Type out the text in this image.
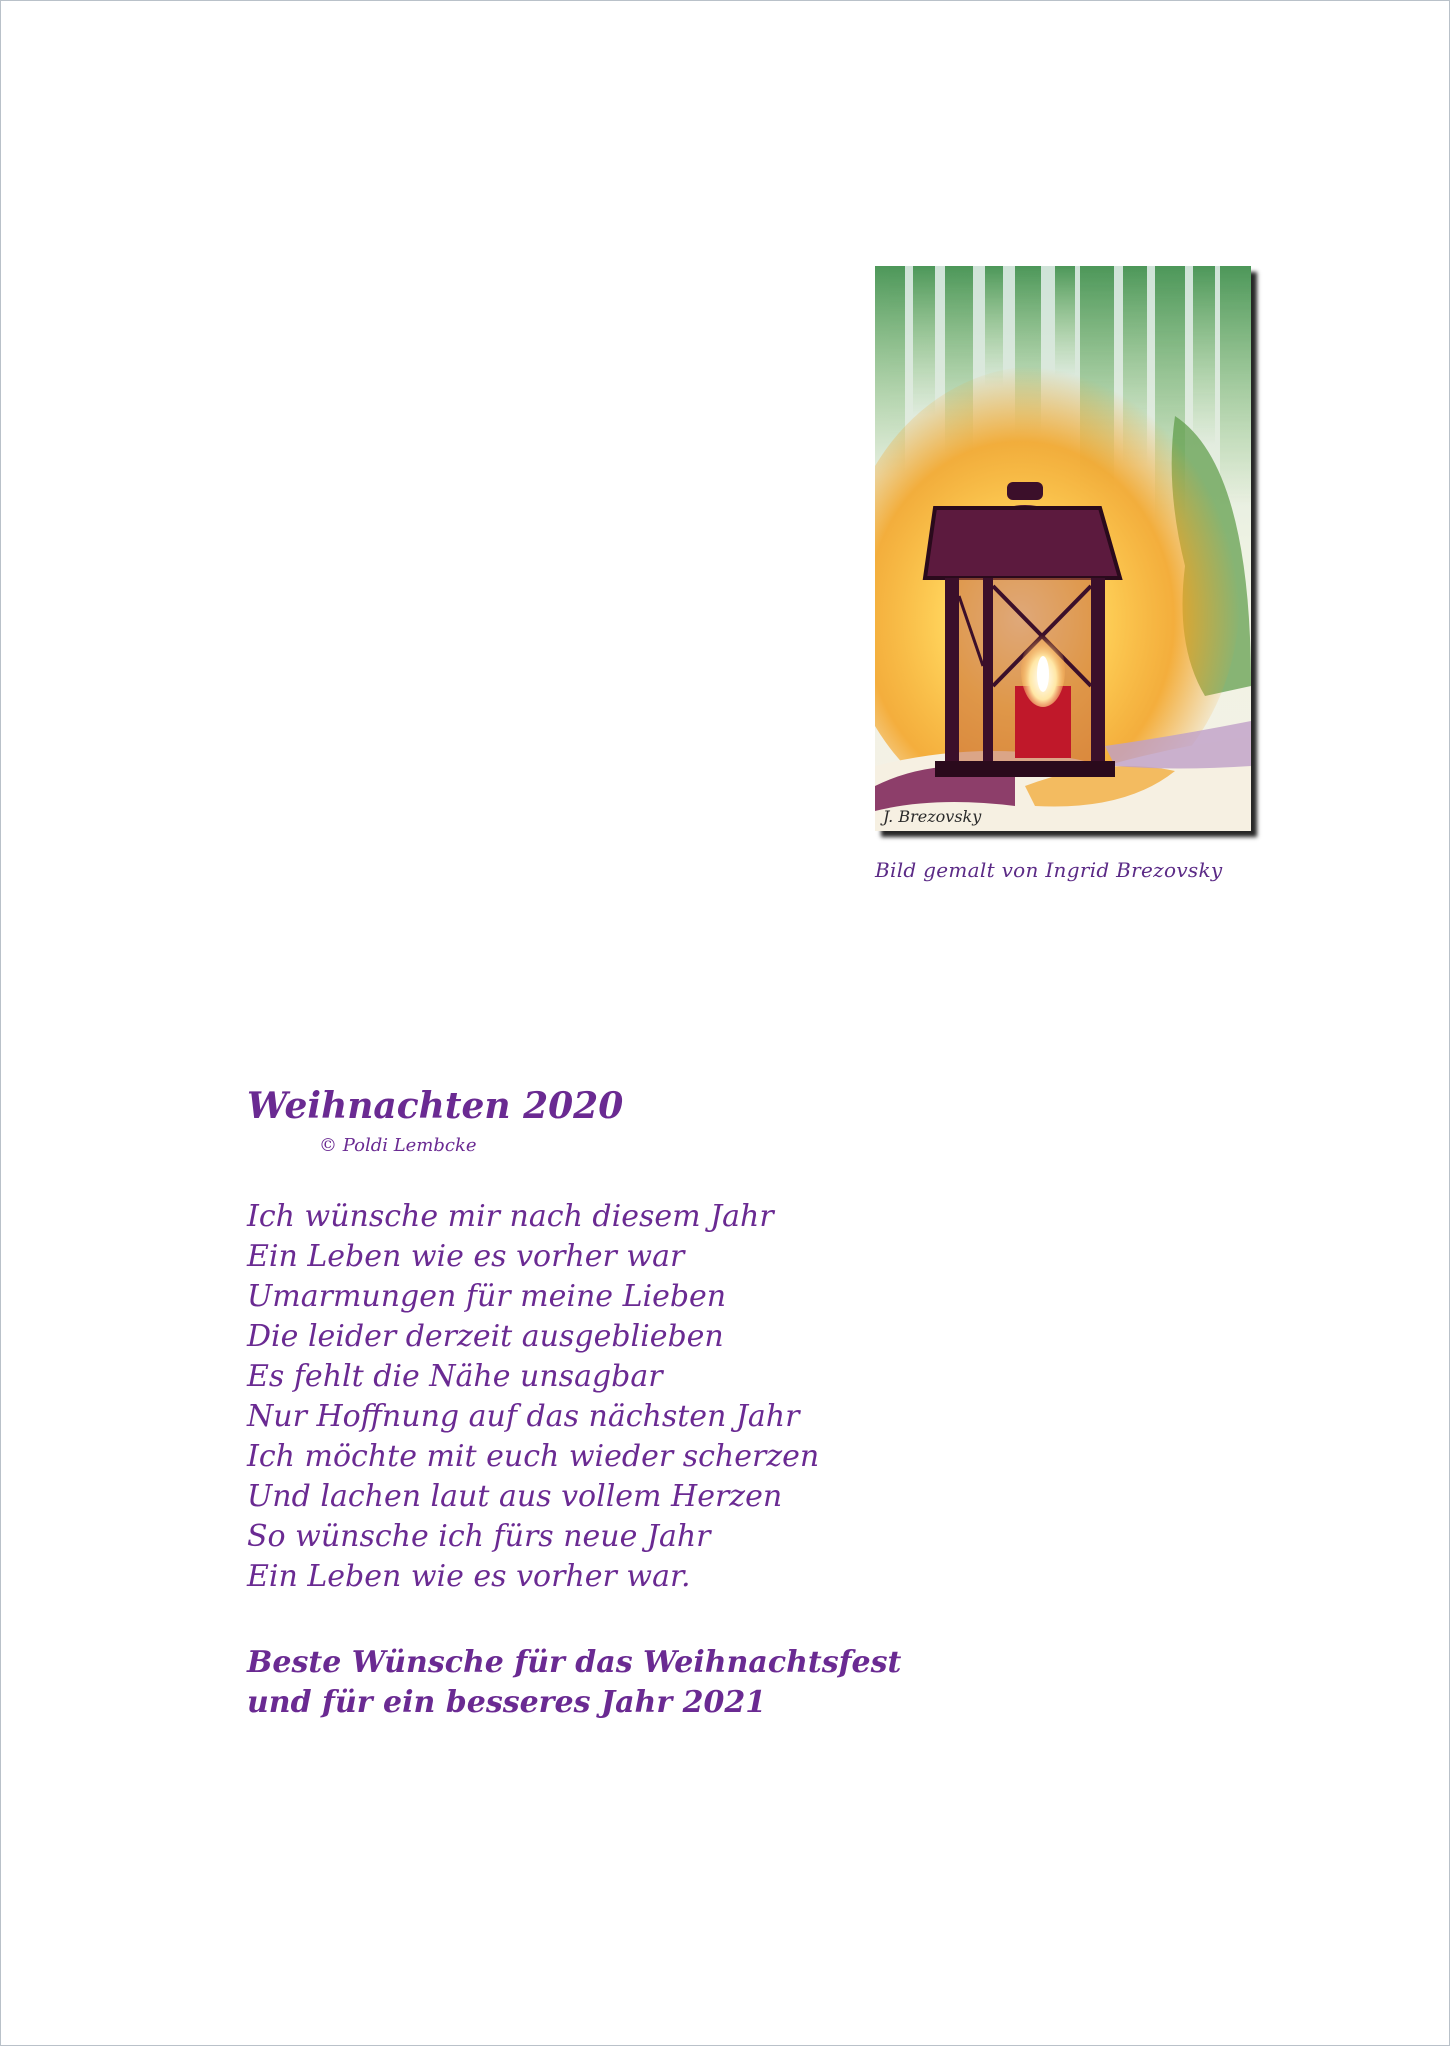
J. Brezovsky
Bild gemalt von Ingrid Brezovsky
Weihnachten 2020
© Poldi Lembcke
Ich wünsche mir nach diesem Jahr
Ein Leben wie es vorher war
Umarmungen für meine Lieben
Die leider derzeit ausgeblieben
Es fehlt die Nähe unsagbar
Nur Hoffnung auf das nächsten Jahr
Ich möchte mit euch wieder scherzen
Und lachen laut aus vollem Herzen
So wünsche ich fürs neue Jahr
Ein Leben wie es vorher war.
Beste Wünsche für das Weihnachtsfest
und für ein besseres Jahr 2021
